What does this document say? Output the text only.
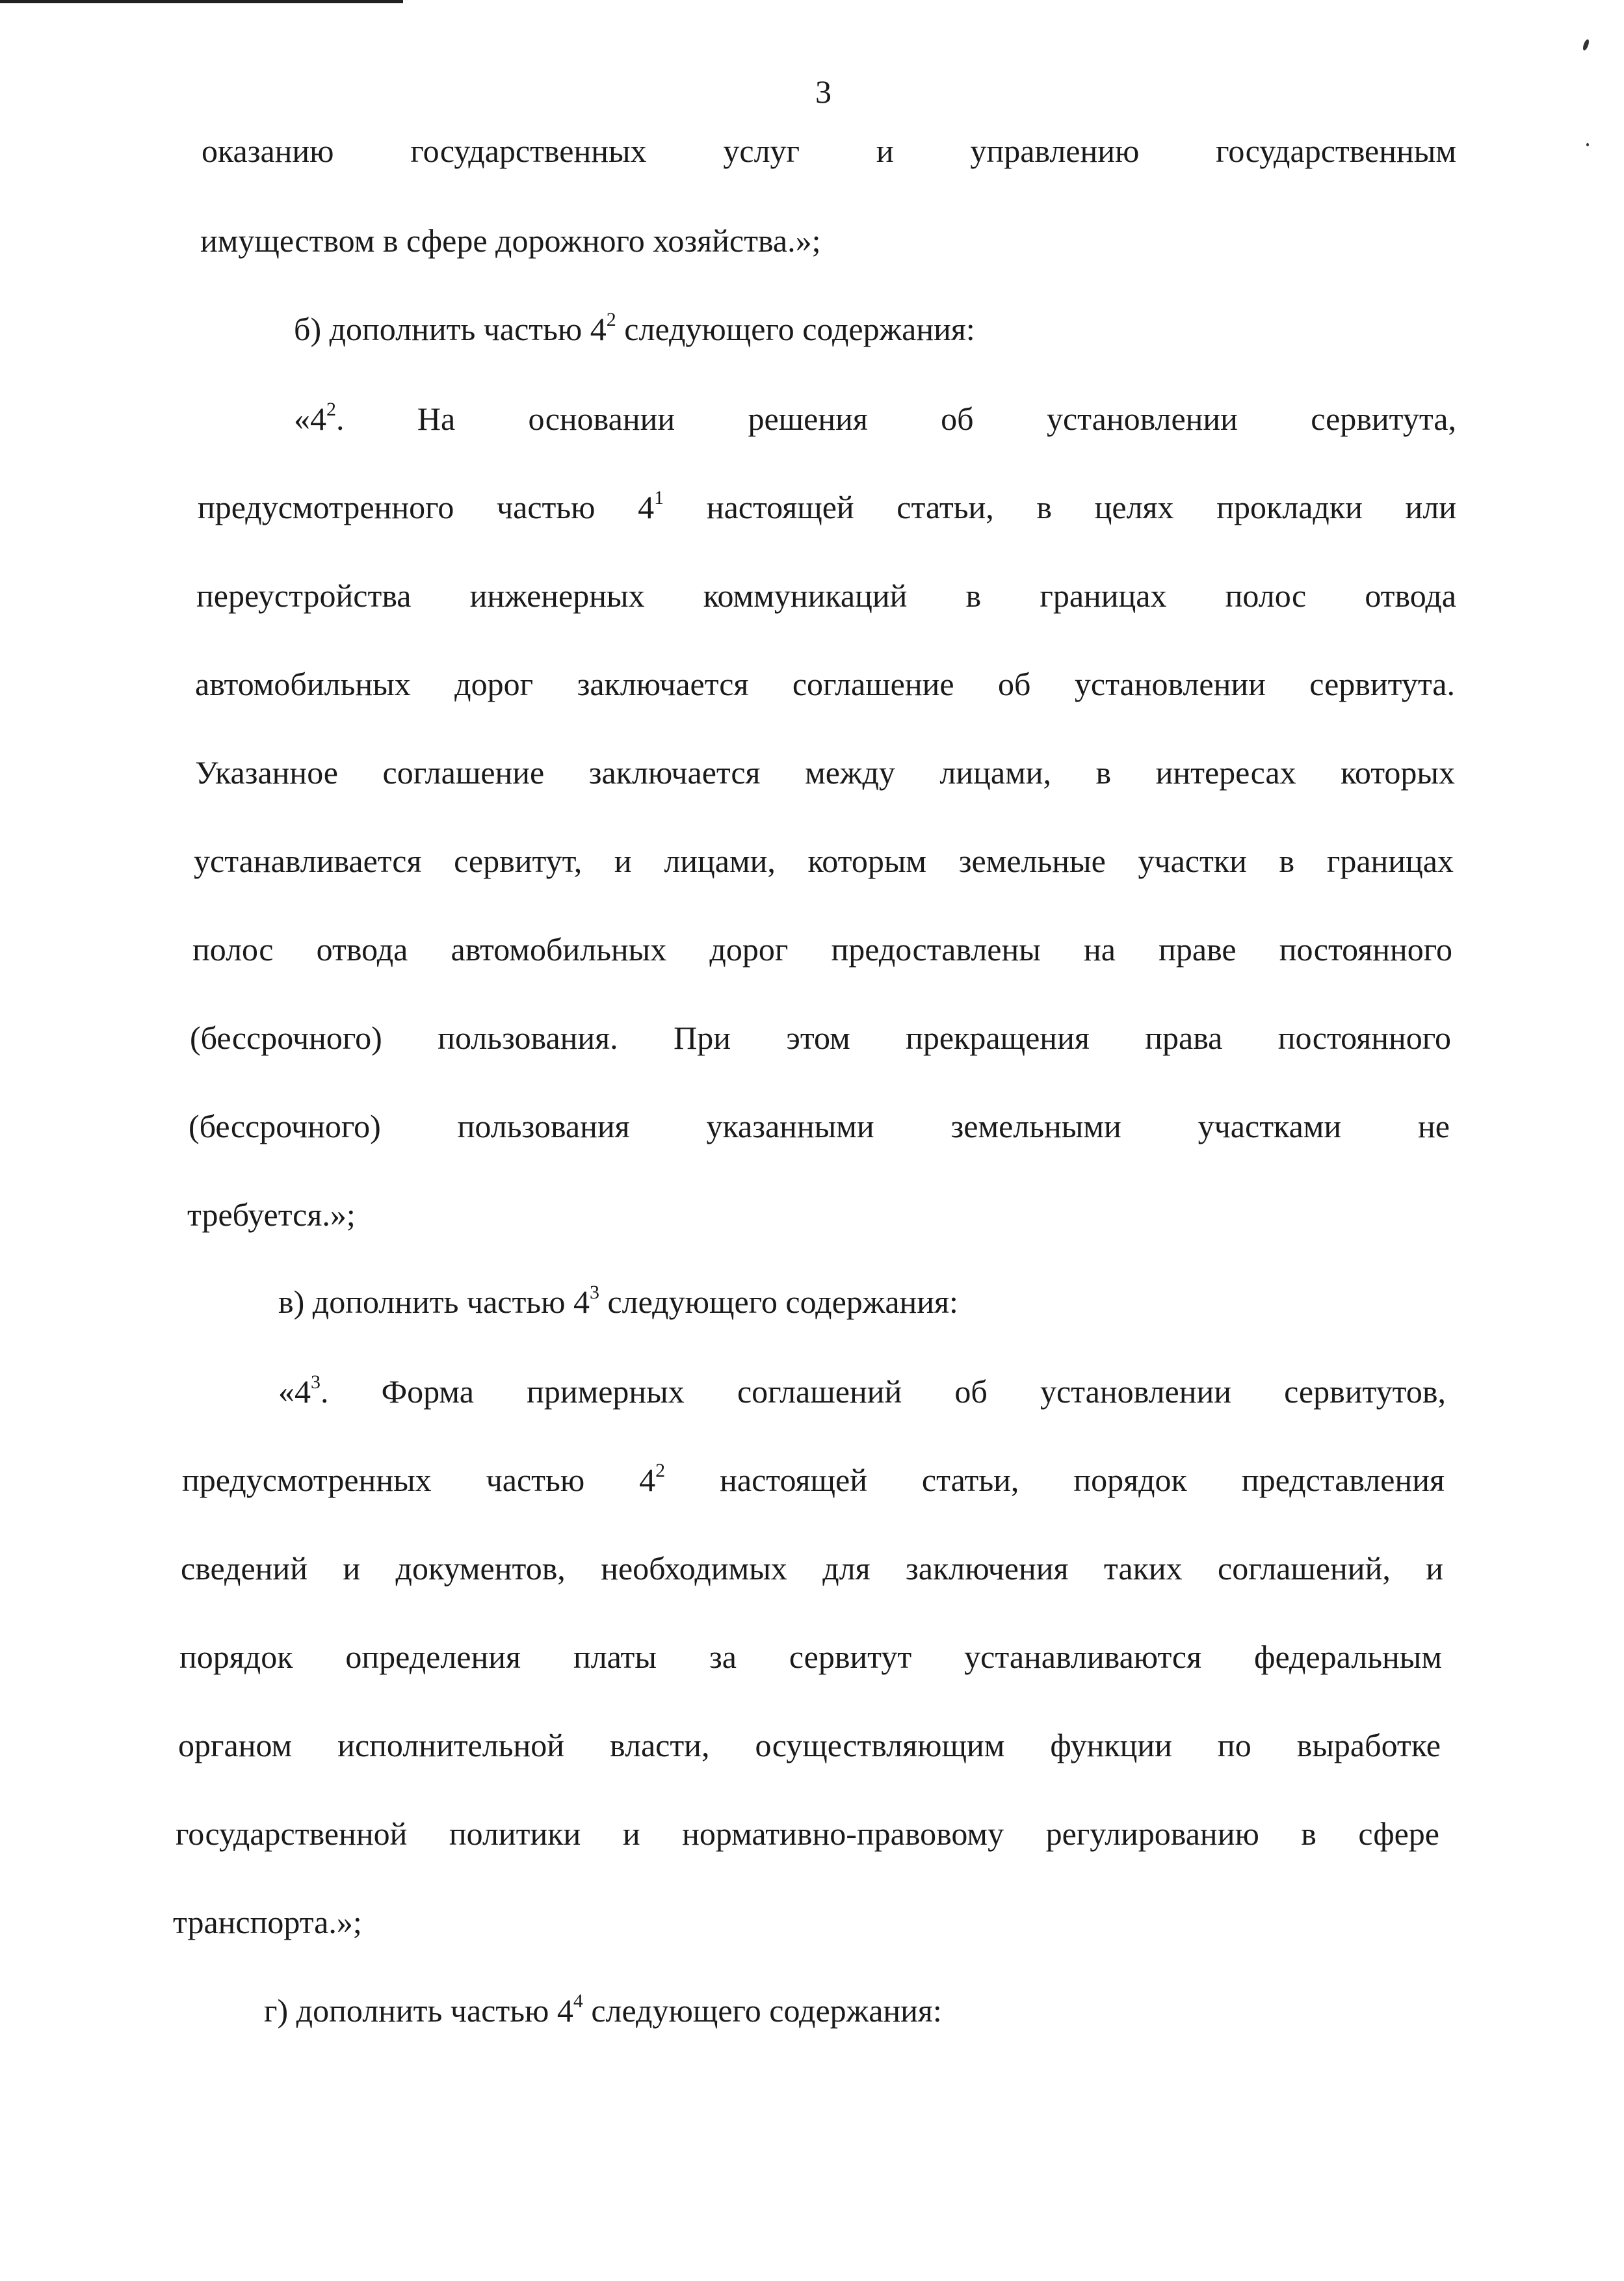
3

оказанию государственных услуг и управлению государственным

имуществом в сфере дорожного хозяйства.»;

б) дополнить частью $4^2$ следующего содержания:

«$4^2$. На основании решения об установлении сервитута,

предусмотренного частью $4^1$ настоящей статьи, в целях прокладки или

переустройства инженерных коммуникаций в границах полос отвода

автомобильных дорог заключается соглашение об установлении сервитута.

Указанное соглашение заключается между лицами, в интересах которых

устанавливается сервитут, и лицами, которым земельные участки в границах

полос отвода автомобильных дорог предоставлены на праве постоянного

(бессрочного) пользования. При этом прекращения права постоянного

(бессрочного) пользования указанными земельными участками не

требуется.»;

в) дополнить частью $4^3$ следующего содержания:

«$4^3$. Форма примерных соглашений об установлении сервитутов,

предусмотренных частью $4^2$ настоящей статьи, порядок представления

сведений и документов, необходимых для заключения таких соглашений, и

порядок определения платы за сервитут устанавливаются федеральным

органом исполнительной власти, осуществляющим функции по выработке

государственной политики и нормативно-правовому регулированию в сфере

транспорта.»;

г) дополнить частью $4^4$ следующего содержания:
